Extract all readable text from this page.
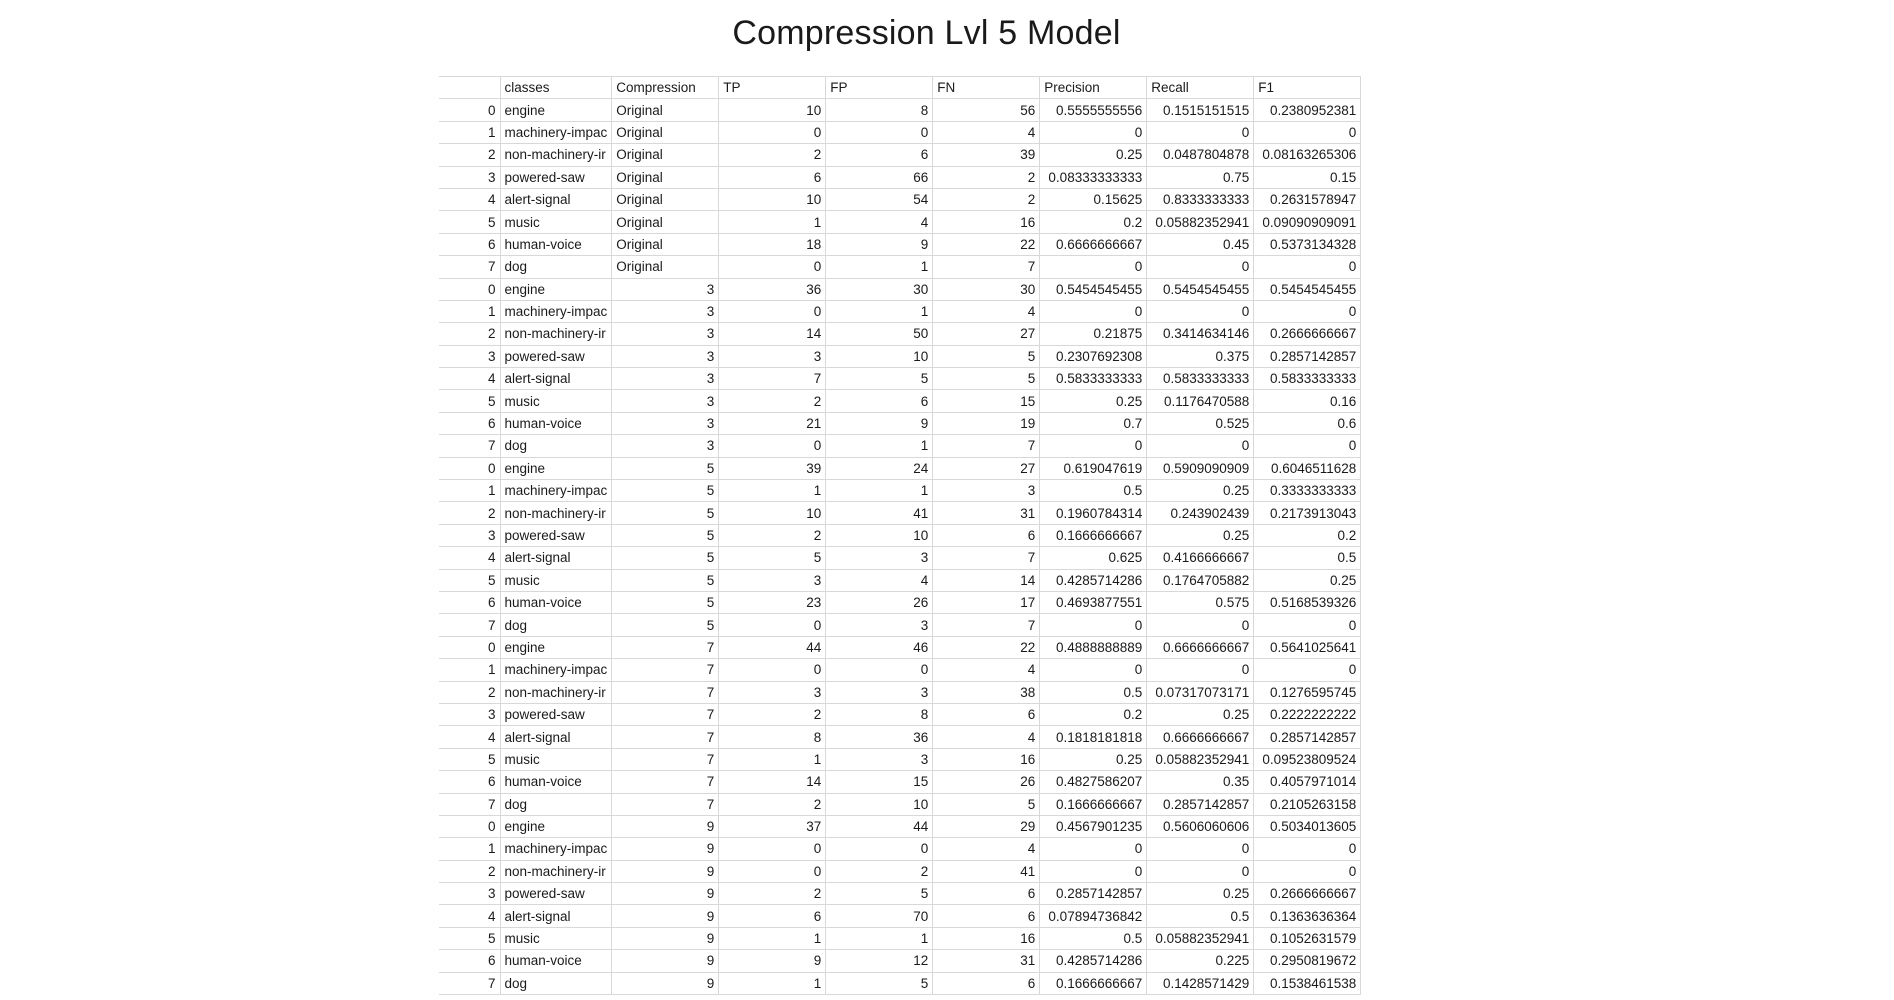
Compression Lvl 5 Model
	classes	Compression	TP	FP	FN	Precision	Recall	F1
0	engine	Original	10	8	56	0.5555555556	0.1515151515	0.2380952381
1	machinery-impac	Original	0	0	4	0	0	0
2	non-machinery-ir	Original	2	6	39	0.25	0.0487804878	0.08163265306
3	powered-saw	Original	6	66	2	0.08333333333	0.75	0.15
4	alert-signal	Original	10	54	2	0.15625	0.8333333333	0.2631578947
5	music	Original	1	4	16	0.2	0.05882352941	0.09090909091
6	human-voice	Original	18	9	22	0.6666666667	0.45	0.5373134328
7	dog	Original	0	1	7	0	0	0
0	engine	3	36	30	30	0.5454545455	0.5454545455	0.5454545455
1	machinery-impac	3	0	1	4	0	0	0
2	non-machinery-ir	3	14	50	27	0.21875	0.3414634146	0.2666666667
3	powered-saw	3	3	10	5	0.2307692308	0.375	0.2857142857
4	alert-signal	3	7	5	5	0.5833333333	0.5833333333	0.5833333333
5	music	3	2	6	15	0.25	0.1176470588	0.16
6	human-voice	3	21	9	19	0.7	0.525	0.6
7	dog	3	0	1	7	0	0	0
0	engine	5	39	24	27	0.619047619	0.5909090909	0.6046511628
1	machinery-impac	5	1	1	3	0.5	0.25	0.3333333333
2	non-machinery-ir	5	10	41	31	0.1960784314	0.243902439	0.2173913043
3	powered-saw	5	2	10	6	0.1666666667	0.25	0.2
4	alert-signal	5	5	3	7	0.625	0.4166666667	0.5
5	music	5	3	4	14	0.4285714286	0.1764705882	0.25
6	human-voice	5	23	26	17	0.4693877551	0.575	0.5168539326
7	dog	5	0	3	7	0	0	0
0	engine	7	44	46	22	0.4888888889	0.6666666667	0.5641025641
1	machinery-impac	7	0	0	4	0	0	0
2	non-machinery-ir	7	3	3	38	0.5	0.07317073171	0.1276595745
3	powered-saw	7	2	8	6	0.2	0.25	0.2222222222
4	alert-signal	7	8	36	4	0.1818181818	0.6666666667	0.2857142857
5	music	7	1	3	16	0.25	0.05882352941	0.09523809524
6	human-voice	7	14	15	26	0.4827586207	0.35	0.4057971014
7	dog	7	2	10	5	0.1666666667	0.2857142857	0.2105263158
0	engine	9	37	44	29	0.4567901235	0.5606060606	0.5034013605
1	machinery-impac	9	0	0	4	0	0	0
2	non-machinery-ir	9	0	2	41	0	0	0
3	powered-saw	9	2	5	6	0.2857142857	0.25	0.2666666667
4	alert-signal	9	6	70	6	0.07894736842	0.5	0.1363636364
5	music	9	1	1	16	0.5	0.05882352941	0.1052631579
6	human-voice	9	9	12	31	0.4285714286	0.225	0.2950819672
7	dog	9	1	5	6	0.1666666667	0.1428571429	0.1538461538
